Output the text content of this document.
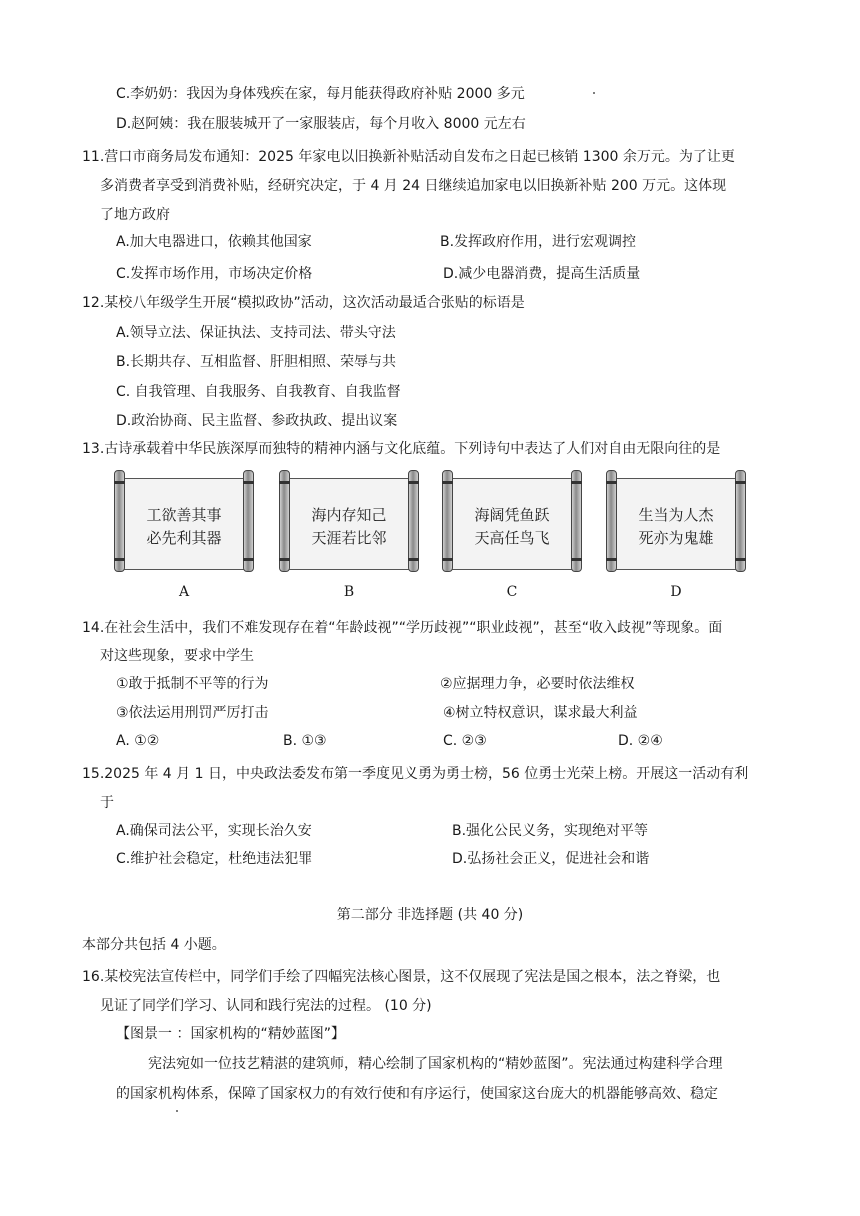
C.李奶奶：我因为身体残疾在家，每月能获得政府补贴 2000 多元
D.赵阿姨：我在服装城开了一家服装店，每个月收入 8000 元左右
11.营口市商务局发布通知：2025 年家电以旧换新补贴活动自发布之日起已核销 1300 余万元。为了让更
多消费者享受到消费补贴，经研究决定，于 4 月 24 日继续追加家电以旧换新补贴 200 万元。这体现
了地方政府
A.加大电器进口，依赖其他国家	B.发挥政府作用，进行宏观调控
C.发挥市场作用，市场决定价格	D.减少电器消费，提高生活质量
12.某校八年级学生开展“模拟政协”活动，这次活动最适合张贴的标语是
A.领导立法、保证执法、支持司法、带头守法
B.长期共存、互相监督、肝胆相照、荣辱与共
C. 自我管理、自我服务、自我教育、自我监督
D.政治协商、民主监督、参政执政、提出议案
13.古诗承载着中华民族深厚而独特的精神内涵与文化底蕴。下列诗句中表达了人们对自由无限向往的是
工欲善其事
必先利其器
海内存知己
天涯若比邻
海阔凭鱼跃
天高任鸟飞
生当为人杰
死亦为鬼雄
A	B	C	D
14.在社会生活中，我们不难发现存在着“年龄歧视”“学历歧视”“职业歧视”，甚至“收入歧视”等现象。面
对这些现象，要求中学生
①敢于抵制不平等的行为	②应据理力争，必要时依法维权
③依法运用刑罚严厉打击	④树立特权意识，谋求最大利益
A. ①②	B. ①③	C. ②③	D. ②④
15.2025 年 4 月 1 日，中央政法委发布第一季度见义勇为勇士榜，56 位勇士光荣上榜。开展这一活动有利
于
A.确保司法公平，实现长治久安	B.强化公民义务，实现绝对平等
C.维护社会稳定，杜绝违法犯罪	D.弘扬社会正义，促进社会和谐
第二部分 非选择题 (共 40 分)
本部分共包括 4 小题。
16.某校宪法宣传栏中，同学们手绘了四幅宪法核心图景，这不仅展现了宪法是国之根本，法之脊梁，也
见证了同学们学习、认同和践行宪法的过程。 (10 分)
【图景一 ：国家机构的“精妙蓝图”】
宪法宛如一位技艺精湛的建筑师，精心绘制了国家机构的“精妙蓝图”。宪法通过构建科学合理
的国家机构体系，保障了国家权力的有效行使和有序运行，使国家这台庞大的机器能够高效、稳定
